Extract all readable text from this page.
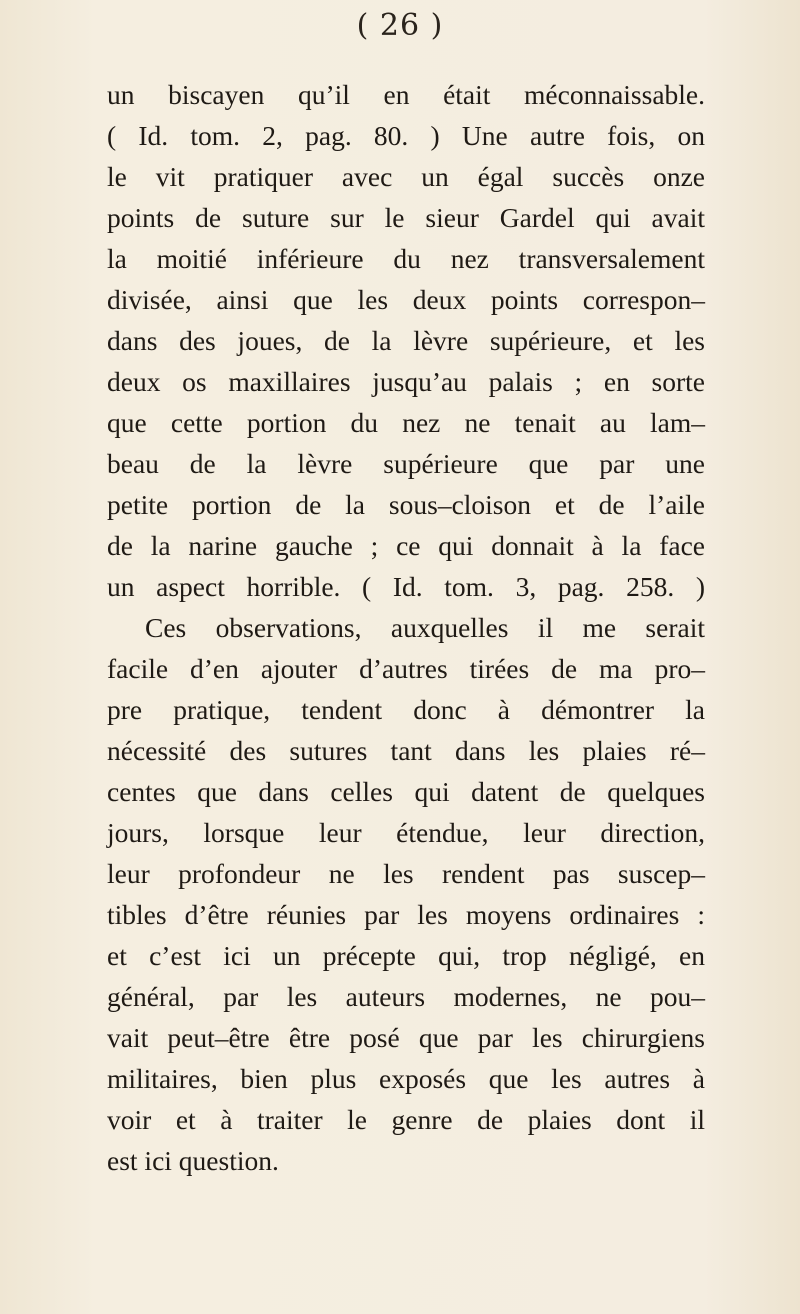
( 26 )
un biscayen qu’il en était méconnaissable.
( Id. tom. 2, pag. 80. ) Une autre fois, on
le vit pratiquer avec un égal succès onze
points de suture sur le sieur Gardel qui avait
la moitié inférieure du nez transversalement
divisée, ainsi que les deux points correspon–
dans des joues, de la lèvre supérieure, et les
deux os maxillaires jusqu’au palais ; en sorte
que cette portion du nez ne tenait au lam–
beau de la lèvre supérieure que par une
petite portion de la sous–cloison et de l’aile
de la narine gauche ; ce qui donnait à la face
un aspect horrible. ( Id. tom. 3, pag. 258. )
Ces observations, auxquelles il me serait
facile d’en ajouter d’autres tirées de ma pro–
pre pratique, tendent donc à démontrer la
nécessité des sutures tant dans les plaies ré–
centes que dans celles qui datent de quelques
jours, lorsque leur étendue, leur direction,
leur profondeur ne les rendent pas suscep–
tibles d’être réunies par les moyens ordinaires :
et c’est ici un précepte qui, trop négligé, en
général, par les auteurs modernes, ne pou–
vait peut–être être posé que par les chirurgiens
militaires, bien plus exposés que les autres à
voir et à traiter le genre de plaies dont il
est ici question.
